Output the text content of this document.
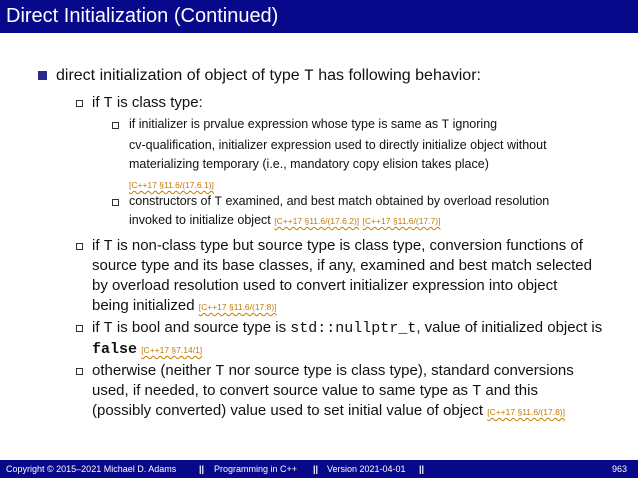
Direct Initialization (Continued)
direct initialization of object of type T has following behavior:
if T is class type:
if initializer is prvalue expression whose type is same as T ignoring
cv-qualification, initializer expression used to directly initialize object without
materializing temporary (i.e., mandatory copy elision takes place)
[C++17 §11.6/(17.6.1)]
constructors of T examined, and best match obtained by overload resolution
invoked to initialize object [C++17 §11.6/(17.6.2)] [C++17 §11.6/(17.7)]
if T is non-class type but source type is class type, conversion functions of
source type and its base classes, if any, examined and best match selected
by overload resolution used to convert initializer expression into object
being initialized [C++17 §11.6/(17.8)]
if T is bool and source type is std::nullptr_t, value of initialized object is
false [C++17 §7.14/1]
otherwise (neither T nor source type is class type), standard conversions
used, if needed, to convert source value to same type as T and this
(possibly converted) value used to set initial value of object [C++17 §11.6/(17.8)]
Copyright © 2015–2021 Michael D. Adams	|| Programming in C++ || Version 2021-04-01 ||	963
